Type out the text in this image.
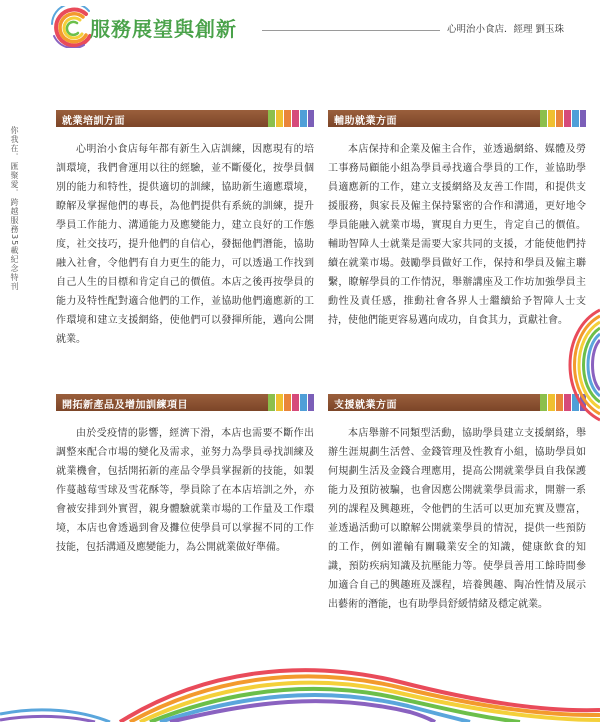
服務展望與創新	心明治小食店．經理 劉玉珠
你我在．匯聚愛．跨越服務35載紀念特刊
就業培訓方面
心明治小食店每年都有新生入店訓練，因應現有的培訓環境，我們會運用以往的經驗，並不斷優化，按學員個別的能力和特性，提供適切的訓練，協助新生適應環境，瞭解及掌握他們的專長，為他們提供有系統的訓練，提升學員工作能力、溝通能力及應變能力，建立良好的工作態度，社交技巧，提升他們的自信心，發掘他們潛能，協助融入社會，令他們有自力更生的能力，可以透過工作找到自己人生的目標和肯定自己的價值。本店之後再按學員的能力及特性配對適合他們的工作，並協助他們適應新的工作環境和建立支援網絡，使他們可以發揮所能，邁向公開就業。
輔助就業方面
本店保持和企業及僱主合作，並透過網絡、媒體及勞工事務局顧能小組為學員尋找適合學員的工作，並協助學員適應新的工作，建立支援網絡及友善工作間，和提供支援服務，與家長及僱主保持緊密的合作和溝通，更好地令學員能融入就業市場，實現自力更生，肯定自己的價值。輔助智障人士就業是需要大家共同的支援，才能使他們持續在就業市場。鼓勵學員做好工作，保持和學員及僱主聯繫，瞭解學員的工作情況，舉辦講座及工作坊加強學員主動性及責任感，推動社會各界人士繼續給予智障人士支持，使他們能更容易邁向成功，自食其力，貢獻社會。
開拓新產品及增加訓練項目
由於受疫情的影響，經濟下滑，本店也需要不斷作出調整來配合市場的變化及需求，並努力為學員尋找訓練及就業機會，包括開拓新的產品令學員掌握新的技能，如製作蔓越莓雪球及雪花酥等，學員除了在本店培訓之外，亦會被安排到外實習，親身體驗就業市場的工作量及工作環境，本店也會透過到會及攤位使學員可以掌握不同的工作技能，包括溝通及應變能力，為公開就業做好準備。
支援就業方面
本店舉辦不同類型活動，協助學員建立支援網絡，舉辦生涯規劃生活營、金錢管理及性教育小組，協助學員如何規劃生活及金錢合理應用，提高公開就業學員自我保護能力及預防被騙，也會因應公開就業學員需求，開辦一系列的課程及興趣班，令他們的生活可以更加充實及豐富，並透過活動可以瞭解公開就業學員的情況，提供一些預防的工作，例如灌輸有關職業安全的知識，健康飲食的知識，預防疾病知識及抗壓能力等。使學員善用工餘時間參加適合自己的興趣班及課程，培養興趣、陶冶性情及展示出藝術的潛能，也有助學員舒緩情緒及穩定就業。
